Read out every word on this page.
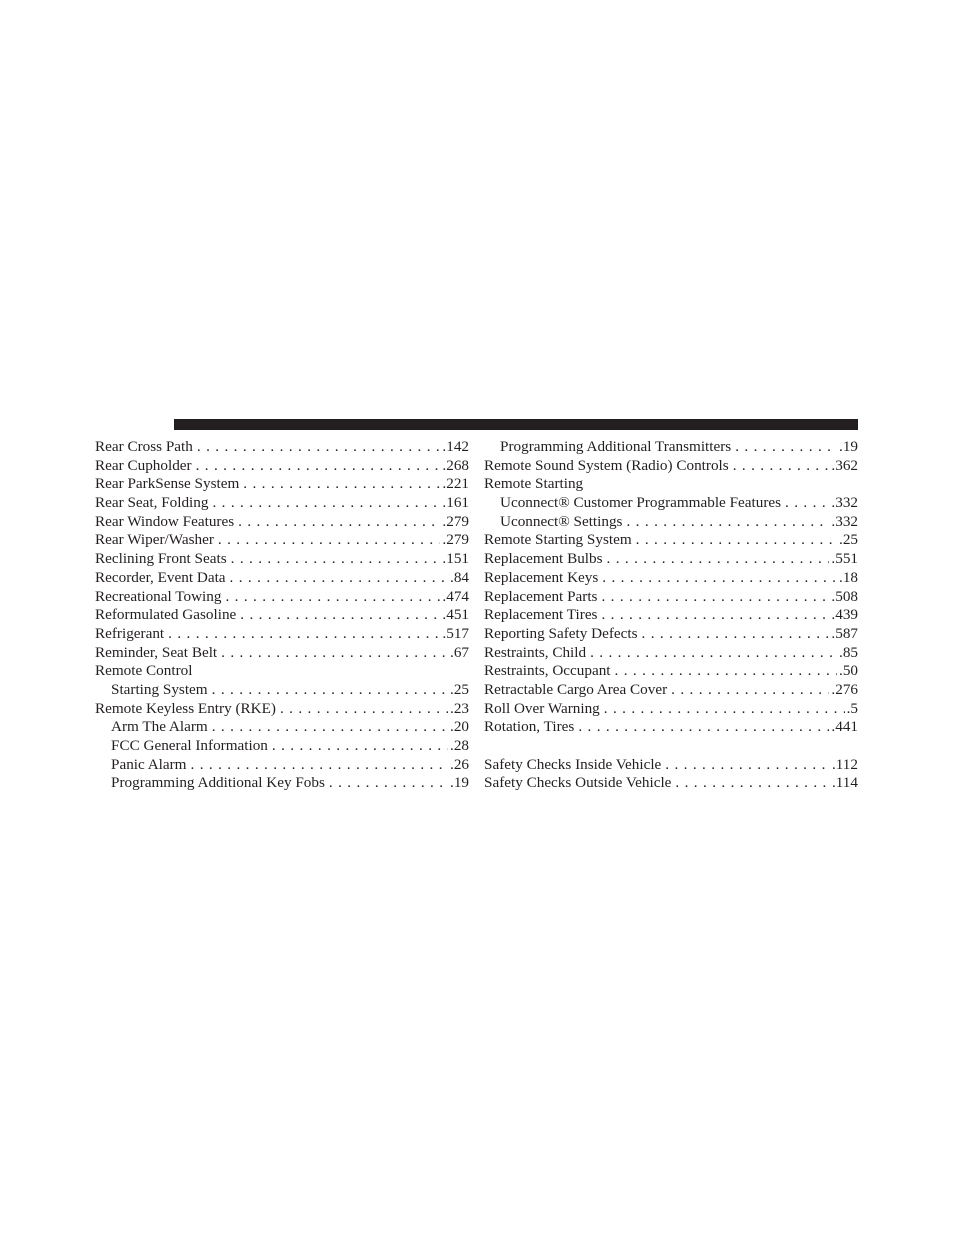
Rear Cross Path . . .	.142
Rear Cupholder . . .	.268
Rear ParkSense System . . .	.221
Rear Seat, Folding . . .	.161
Rear Window Features . . .	.279
Rear Wiper/Washer . . .	.279
Reclining Front Seats . . .	.151
Recorder, Event Data . . .	.84
Recreational Towing . . .	.474
Reformulated Gasoline . . .	.451
Refrigerant . . .	.517
Reminder, Seat Belt . . .	.67
Remote Control
Starting System . . .	.25
Remote Keyless Entry (RKE) . . .	.23
Arm The Alarm . . .	.20
FCC General Information . . .	.28
Panic Alarm . . .	.26
Programming Additional Key Fobs . . .	.19
Programming Additional Transmitters . . .	.19
Remote Sound System (Radio) Controls . . .	.362
Remote Starting
Uconnect® Customer Programmable Features . . .	.332
Uconnect® Settings . . .	.332
Remote Starting System . . .	.25
Replacement Bulbs . . .	.551
Replacement Keys . . .	.18
Replacement Parts . . .	.508
Replacement Tires . . .	.439
Reporting Safety Defects . . .	.587
Restraints, Child . . .	.85
Restraints, Occupant . . .	.50
Retractable Cargo Area Cover . . .	.276
Roll Over Warning . . .	.5
Rotation, Tires . . .	.441
Safety Checks Inside Vehicle . . .	.112
Safety Checks Outside Vehicle . . .	.114
